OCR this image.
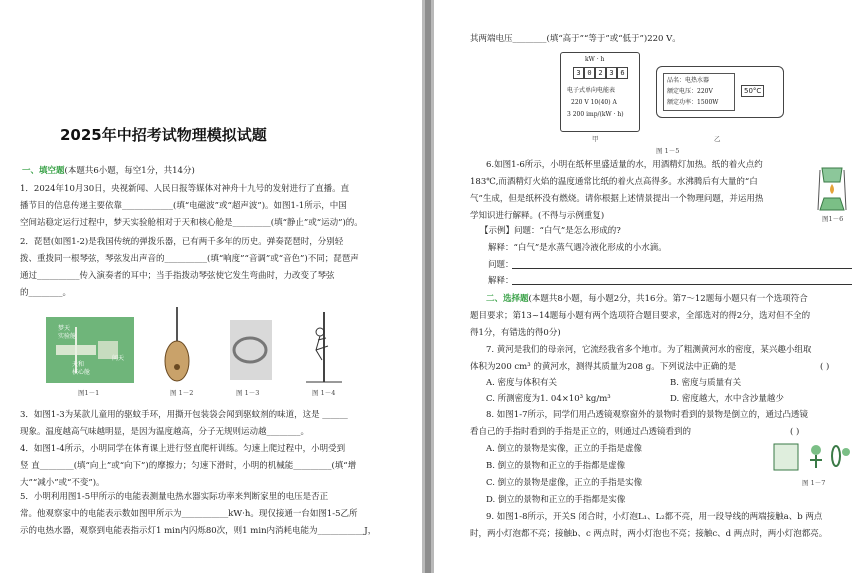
2025年中招考试物理模拟试题
一、填空题(本题共6小题，每空1分，共14分)
1．2024年10月30日，央视新闻、人民日报等媒体对神舟十九号的发射进行了直播。直
播节目的信息传递主要依靠____________(填“电磁波”或“超声波”)。如图1-1所示，中国
空间站稳定运行过程中，梦天实验舱相对于天和核心舱是_________(填“静止”或“运动”)的。
2．琵琶(如图1-2)是我国传统的弹拨乐器，已有两千多年的历史。弹奏琵琶时，分别轻
拨、重拨同一根琴弦，琴弦发出声音的__________(填“响度”“音调”或“音色”)不同；琵琶声
通过__________传入演奏者的耳中；当手指拨动琴弦使它发生弯曲时，力改变了琴弦
的________。
梦天
实验舱
天和
核心舱
问天
图1－1	图 1－2	图 1－3	图 1－4
3．如图1-3为某款儿童用的驱蚊手环，用撕开包装袋会闻到驱蚊剂的味道，这是 ______
现象。温度越高气味越明显，是因为温度越高，分子无规则运动越________。
4．如图1-4所示，小明同学在体育课上进行竖直爬杆训练。匀速上爬过程中，小明受到
竖 直________(填“向上”或“向下”)的摩擦力；匀速下滑时，小明的机械能_________(填“增
大”“减小”或“不变”)。
5．小明利用图1-5甲所示的电能表测量电热水器实际功率来判断家里的电压是否正
常。他观察家中的电能表示数如图甲所示为___________kW·h。现仅接通一台如图1-5乙所
示的电热水器，观察到电能表指示灯1 min内闪烁80次，则1 min内消耗电能为___________J，
其两端电压________(填“高于”“等于”或“低于”)220 V。
kW · h
3 0 2 3 6
电子式单向电能表
220 V 10(40) A
3 200 imp/(kW · h)
甲
品名：电热水器
额定电压：220V
额定功率：1500W
50°C
乙
图 1－5
6.如图1-6所示，小明在纸杯里盛适量的水，用酒精灯加热。纸的着火点约
183℃,而酒精灯火焰的温度通常比纸的着火点高得多。水沸腾后有大量的“白
气”生成，但是纸杯没有燃烧。请你根据上述情景提出一个物理问题，并运用热
学知识进行解释。(不得与示例重复)	图1－6
【示例】问题：“白气”是怎么形成的?
解释：“白气”是水蒸气遇冷液化形成的小水滴。
问题：
解释：
二、选择题(本题共8小题，每小题2分，共16分。第7～12题每小题只有一个选项符合
题目要求；第13~14题每小题有两个选项符合题目要求，全部选对的得2分，选对但不全的
得1分，有错选的得0分)
7. 黄河是我们的母亲河，它流经我省多个地市。为了粗测黄河水的密度，某兴趣小组取
体积为200 cm³ 的黄河水，测得其质量为208 g。下列说法中正确的是	( )
A. 密度与体积有关	B. 密度与质量有关
C. 所测密度为1. 04×10³ kg/m³	D. 密度越大，水中含沙量越少
8. 如图1-7所示，同学们用凸透镜观察窗外的景物时看到的景物是倒立的，通过凸透镜
看自己的手指时看到的手指是正立的，则通过凸透镜看到的	( )
A. 倒立的景物是实像，正立的手指是虚像
B. 倒立的景物和正立的手指都是虚像
C. 倒立的景物是虚像，正立的手指是实像
D. 倒立的景物和正立的手指都是实像
图 1－7
9. 如图1-8所示，开关S 闭合时，小灯泡L₁、L₂都不亮，用一段导线的两端接触a、b 两点
时，两小灯泡都不亮；接触b、c 两点时，两小灯泡也不亮；接触c、d 两点时，两小灯泡都亮。
